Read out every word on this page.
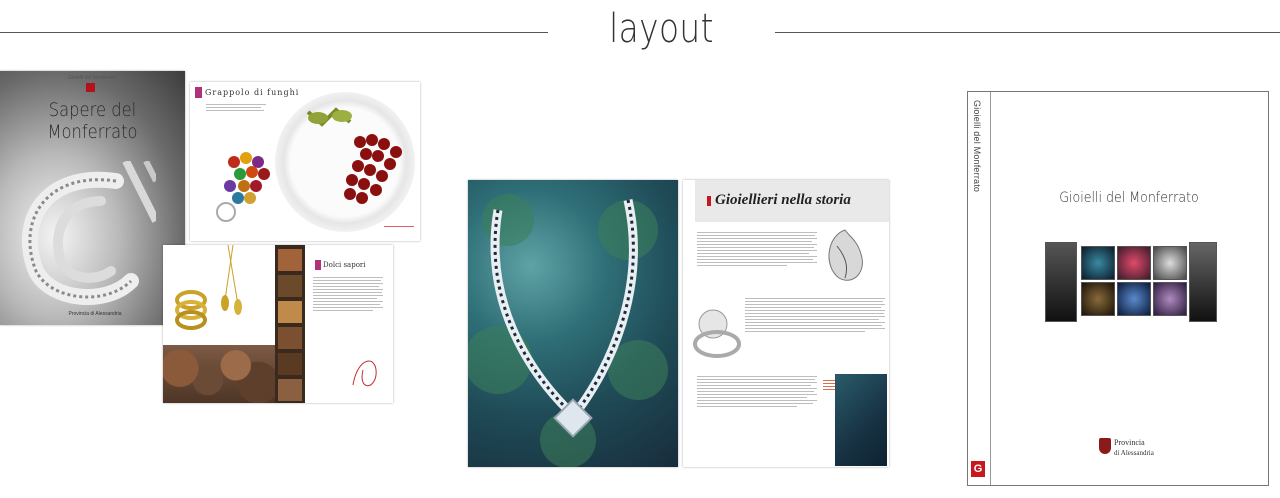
layout
Gioielli del Monferrato
Sapere del Monferrato
Provincia di Alessandria
Grappolo di funghi
Dolci sapori
Gioiellieri nella storia
Gioielli del Monferrato
Gioielli del Monferrato
Provincia
di Alessandria
G
